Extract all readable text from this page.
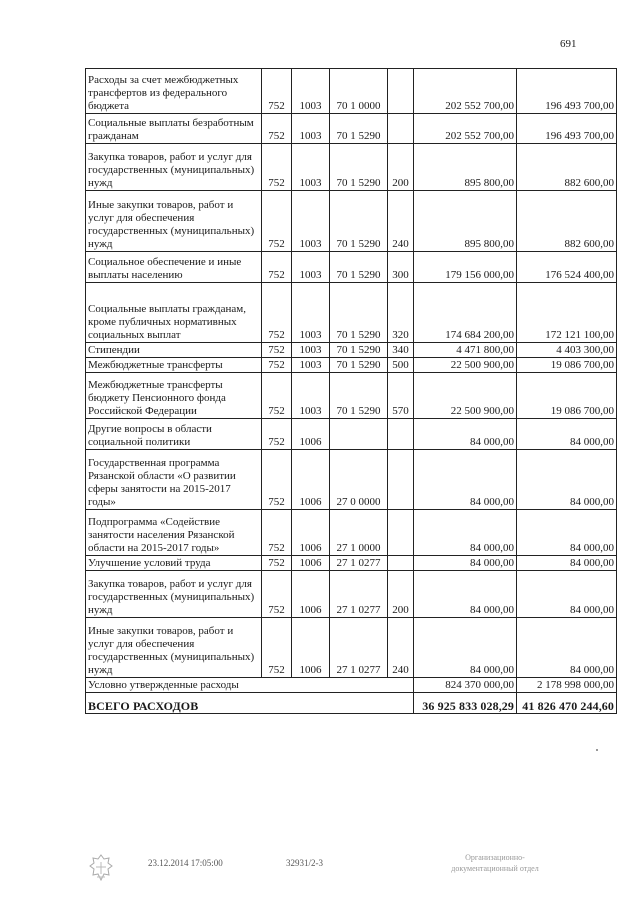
691
Расходы за счет межбюджетных трансфертов из федерального бюджета	752	1003	70 1 0000		202 552 700,00	196 493 700,00
Социальные выплаты безработным гражданам	752	1003	70 1 5290		202 552 700,00	196 493 700,00
Закупка товаров, работ и услуг для государственных (муниципальных) нужд	752	1003	70 1 5290	200	895 800,00	882 600,00
Иные закупки товаров, работ и услуг для обеспечения государственных (муниципальных) нужд	752	1003	70 1 5290	240	895 800,00	882 600,00
Социальное обеспечение и иные выплаты населению	752	1003	70 1 5290	300	179 156 000,00	176 524 400,00
Социальные выплаты гражданам, кроме публичных нормативных социальных выплат	752	1003	70 1 5290	320	174 684 200,00	172 121 100,00
Стипендии	752	1003	70 1 5290	340	4 471 800,00	4 403 300,00
Межбюджетные трансферты	752	1003	70 1 5290	500	22 500 900,00	19 086 700,00
Межбюджетные трансферты бюджету Пенсионного фонда Российской Федерации	752	1003	70 1 5290	570	22 500 900,00	19 086 700,00
Другие вопросы в области социальной политики	752	1006			84 000,00	84 000,00
Государственная программа Рязанской области «О развитии сферы занятости на 2015-2017 годы»	752	1006	27 0 0000		84 000,00	84 000,00
Подпрограмма «Содействие занятости населения Рязанской области на 2015-2017 годы»	752	1006	27 1 0000		84 000,00	84 000,00
Улучшение условий труда	752	1006	27 1 0277		84 000,00	84 000,00
Закупка товаров, работ и услуг для государственных (муниципальных) нужд	752	1006	27 1 0277	200	84 000,00	84 000,00
Иные закупки товаров, работ и услуг для обеспечения государственных (муниципальных) нужд	752	1006	27 1 0277	240	84 000,00	84 000,00
Условно утвержденные расходы					824 370 000,00	2 178 998 000,00
ВСЕГО РАСХОДОВ					36 925 833 028,29	41 826 470 244,60
23.12.2014 17:05:00	32931/2-3
Организационно-
документационный отдел
